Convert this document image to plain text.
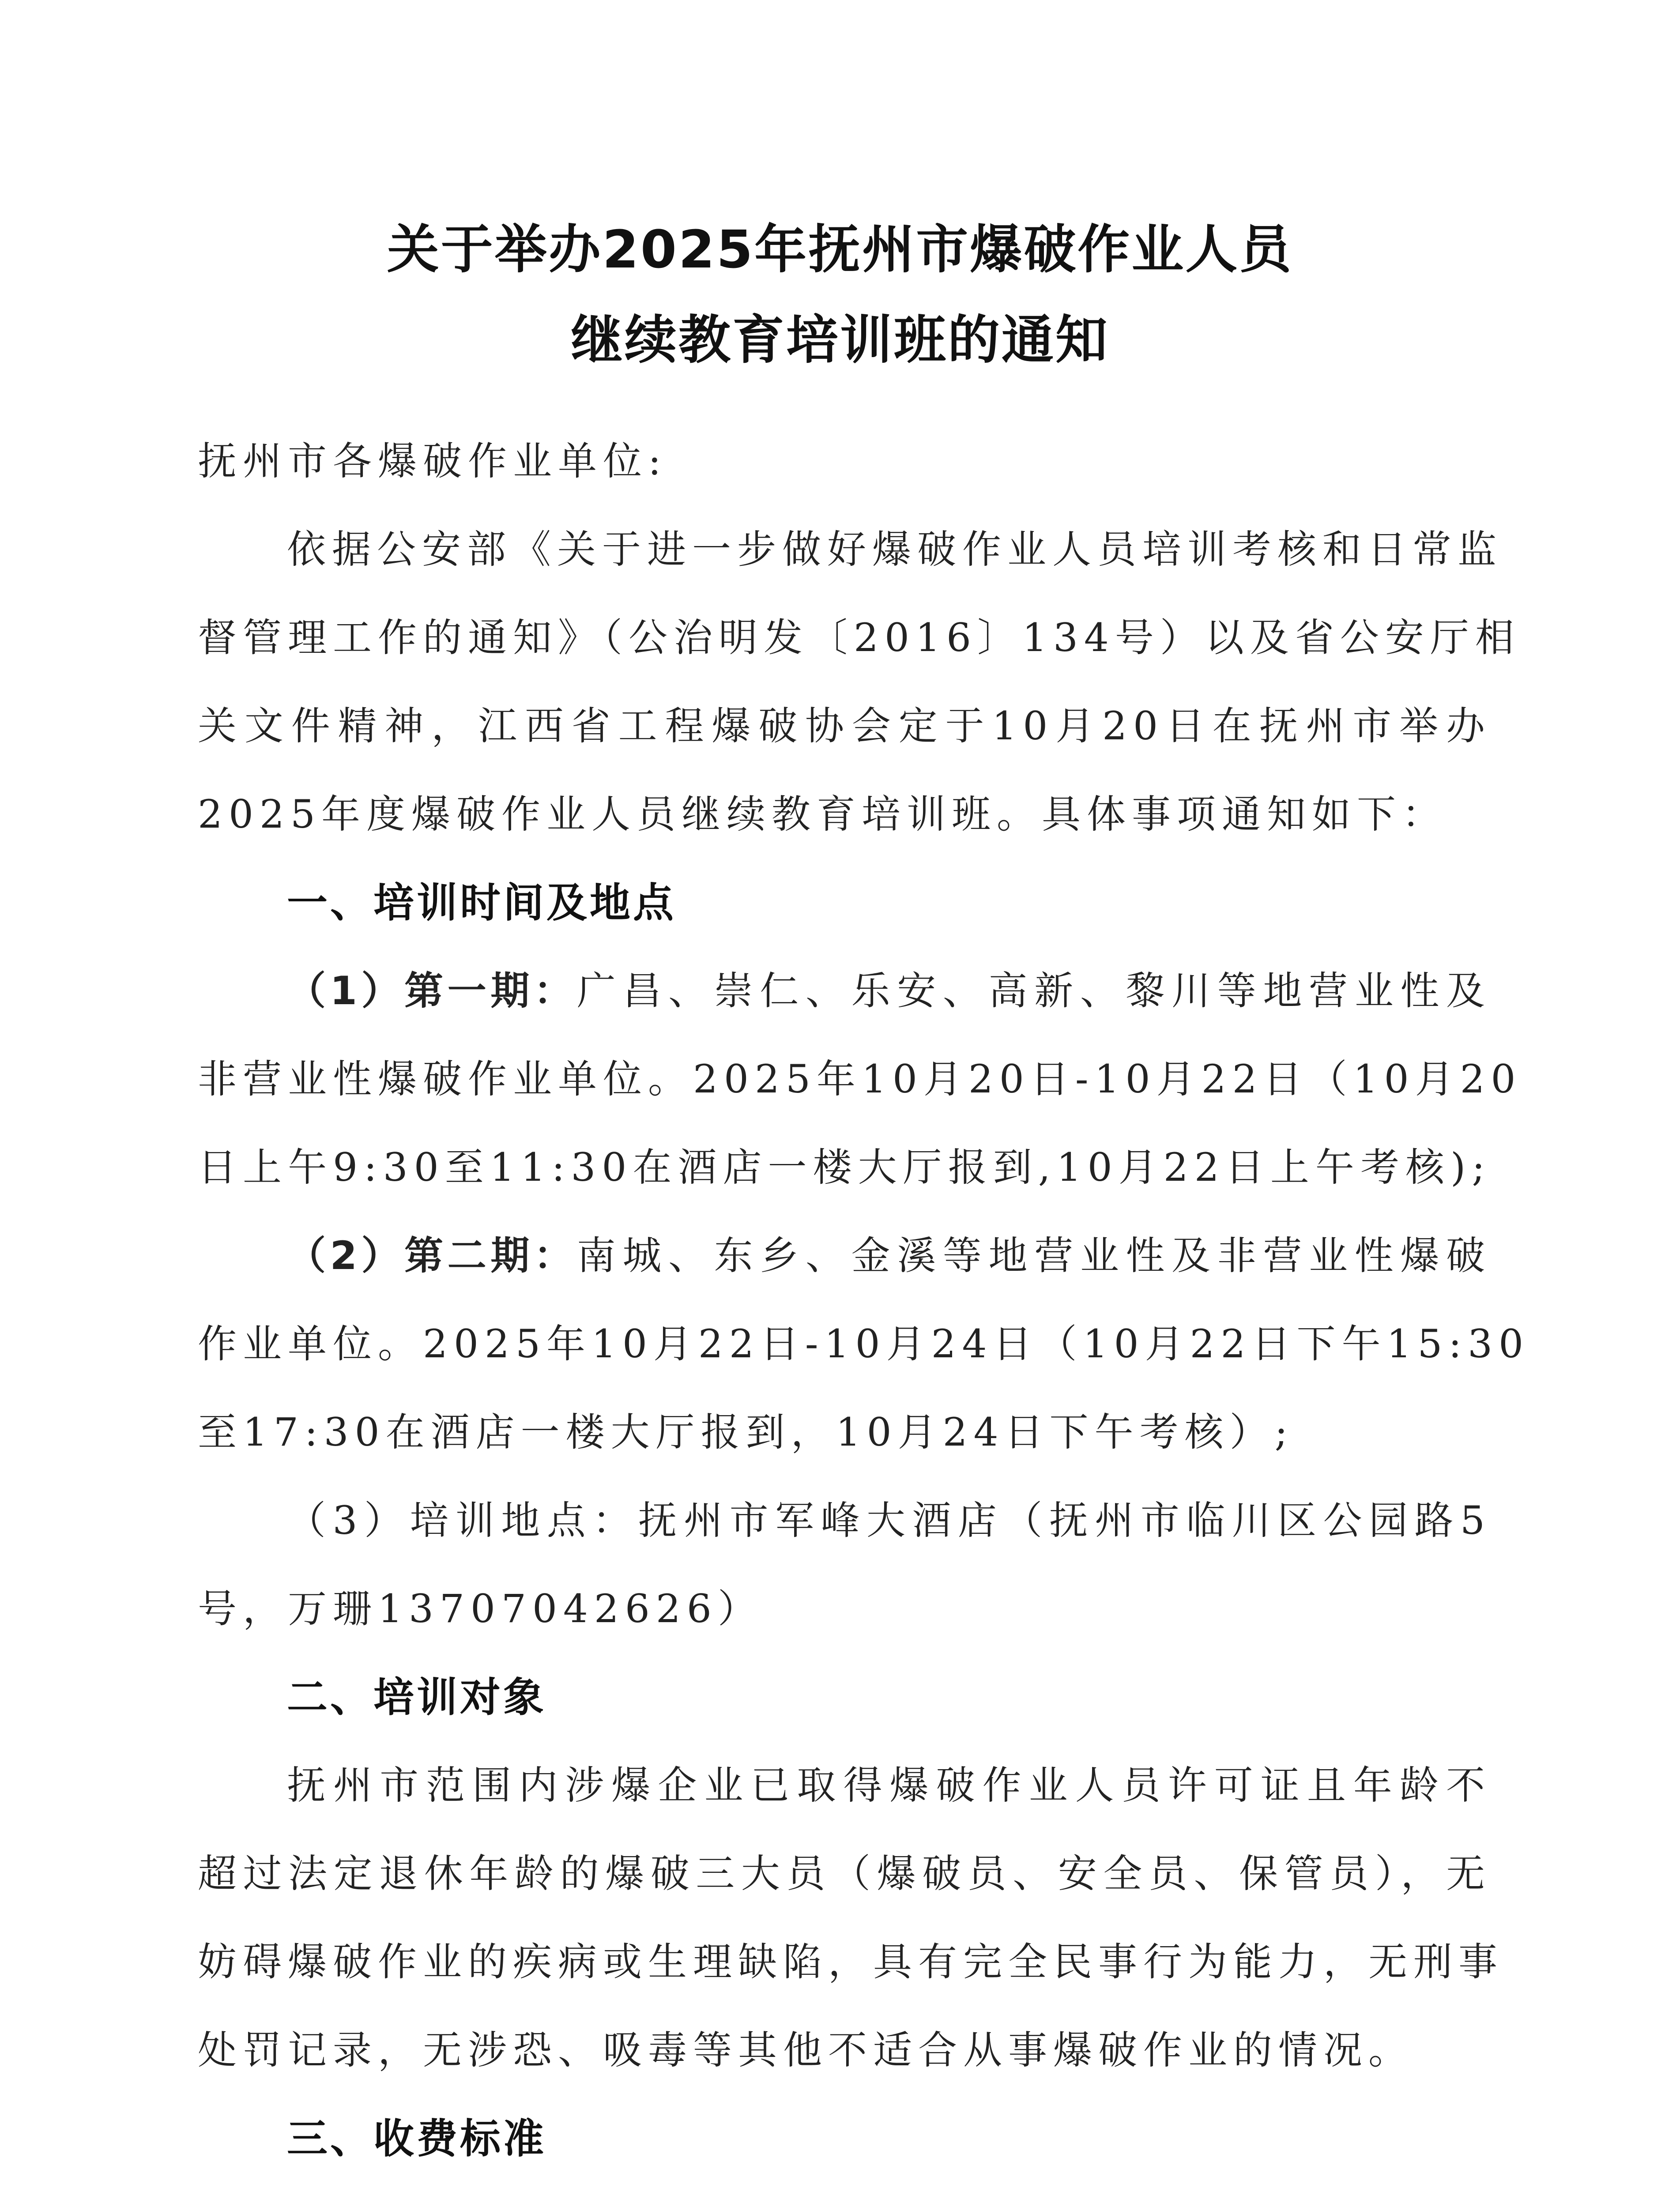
关于举办2025年抚州市爆破作业人员
继续教育培训班的通知
抚州市各爆破作业单位:
依据公安部《关于进一步做好爆破作业人员培训考核和日常监
督管理工作的通知》（公治明发〔2016〕134号）以及省公安厅相
关文件精神，江西省工程爆破协会定于10月20日在抚州市举办
2025年度爆破作业人员继续教育培训班。具体事项通知如下：
一、培训时间及地点
（1）第一期：广昌、崇仁、乐安、高新、黎川等地营业性及
非营业性爆破作业单位。2025年10月20日-10月22日（10月20
日上午9:30至11:30在酒店一楼大厅报到,10月22日上午考核);
（2）第二期：南城、东乡、金溪等地营业性及非营业性爆破
作业单位。2025年10月22日-10月24日（10月22日下午15:30
至17:30在酒店一楼大厅报到，10月24日下午考核）;
（3）培训地点：抚州市军峰大酒店（抚州市临川区公园路5
号，万珊13707042626）
二、培训对象
抚州市范围内涉爆企业已取得爆破作业人员许可证且年龄不
超过法定退休年龄的爆破三大员（爆破员、安全员、保管员），无
妨碍爆破作业的疾病或生理缺陷，具有完全民事行为能力，无刑事
处罚记录，无涉恐、吸毒等其他不适合从事爆破作业的情况。
三、收费标准
